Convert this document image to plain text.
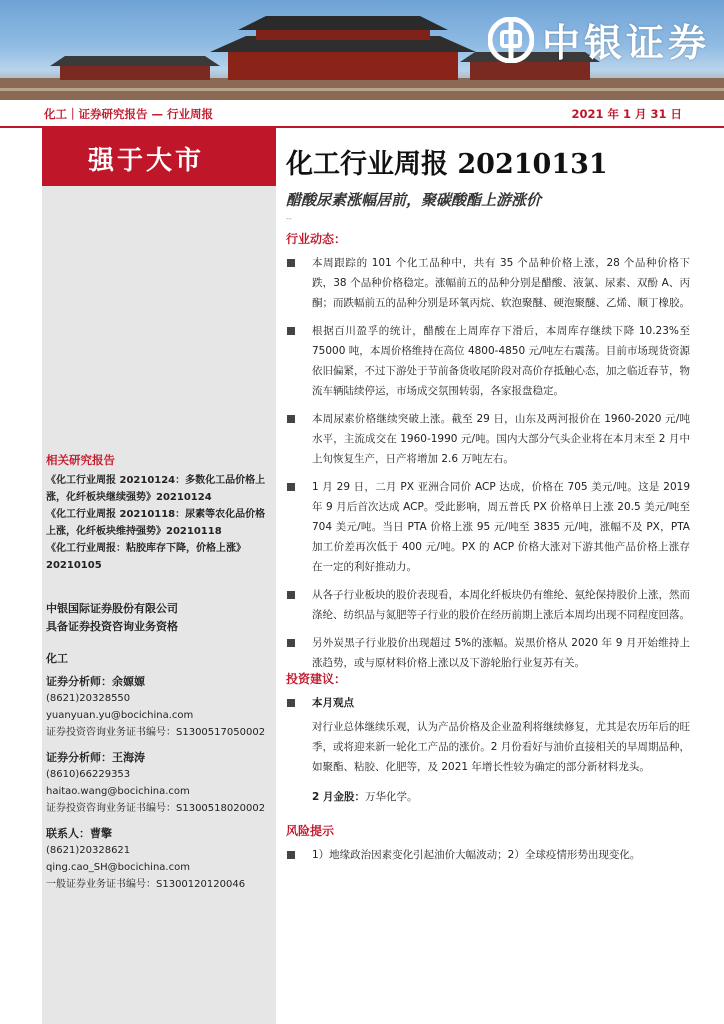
中银证券
化工｜证券研究报告 — 行业周报	2021 年 1 月 31 日
强于大市
相关研究报告
《化工行业周报 20210124：多数化工品价格上涨，化纤板块继续强势》20210124
《化工行业周报 20210118：尿素等农化品价格上涨，化纤板块维持强势》20210118
《化工行业周报：粘胶库存下降，价格上涨》20210105
中银国际证券股份有限公司
具备证券投资咨询业务资格
化工
证券分析师：余嫄嫄
(8621)20328550
yuanyuan.yu@bocichina.com
证券投资咨询业务证书编号：S1300517050002
证券分析师：王海涛
(8610)66229353
haitao.wang@bocichina.com
证券投资咨询业务证书编号：S1300518020002
联系人：曹擎
(8621)20328621
qing.cao_SH@bocichina.com
一般证券业务证书编号：S1300120120046
化工行业周报 20210131
醋酸尿素涨幅居前，聚碳酸酯上游涨价
--
行业动态：

本周跟踪的 101 个化工品种中，共有 35 个品种价格上涨，28 个品种价格下跌，38 个品种价格稳定。涨幅前五的品种分别是醋酸、液氯、尿素、双酚 A、丙酮；而跌幅前五的品种分别是环氧丙烷、软泡聚醚、硬泡聚醚、乙烯、顺丁橡胶。

根据百川盈孚的统计，醋酸在上周库存下滑后，本周库存继续下降 10.23%至 75000 吨，本周价格维持在高位 4800-4850 元/吨左右震荡。目前市场现货资源依旧偏紧，不过下游处于节前备货收尾阶段对高价存抵触心态，加之临近春节，物流车辆陆续停运，市场成交氛围转弱，各家报盘稳定。

本周尿素价格继续突破上涨。截至 29 日，山东及两河报价在 1960-2020 元/吨水平，主流成交在 1960-1990 元/吨。国内大部分气头企业将在本月末至 2 月中上旬恢复生产，日产将增加 2.6 万吨左右。

1 月 29 日，二月 PX 亚洲合同价 ACP 达成，价格在 705 美元/吨。这是 2019 年 9 月后首次达成 ACP。受此影响，周五普氏 PX 价格单日上涨 20.5 美元/吨至 704 美元/吨。当日 PTA 价格上涨 95 元/吨至 3835 元/吨，涨幅不及 PX，PTA 加工价差再次低于 400 元/吨。PX 的 ACP 价格大涨对下游其他产品价格上涨存在一定的利好推动力。

从各子行业板块的股价表现看，本周化纤板块仍有维纶、氨纶保持股价上涨，然而涤纶、纺织品与氮肥等子行业的股价在经历前期上涨后本周均出现不同程度回落。

另外炭黑子行业股价出现超过 5%的涨幅。炭黑价格从 2020 年 9 月开始维持上涨趋势，或与原材料价格上涨以及下游轮胎行业复苏有关。

投资建议：

本月观点

对行业总体继续乐观，认为产品价格及企业盈利将继续修复，尤其是农历年后的旺季，或将迎来新一轮化工产品的涨价。2 月份看好与油价直接相关的早周期品种，如聚酯、粘胶、化肥等，及 2021 年增长性较为确定的部分新材料龙头。

2 月金股：万华化学。

风险提示

1）地缘政治因素变化引起油价大幅波动；2）全球疫情形势出现变化。
